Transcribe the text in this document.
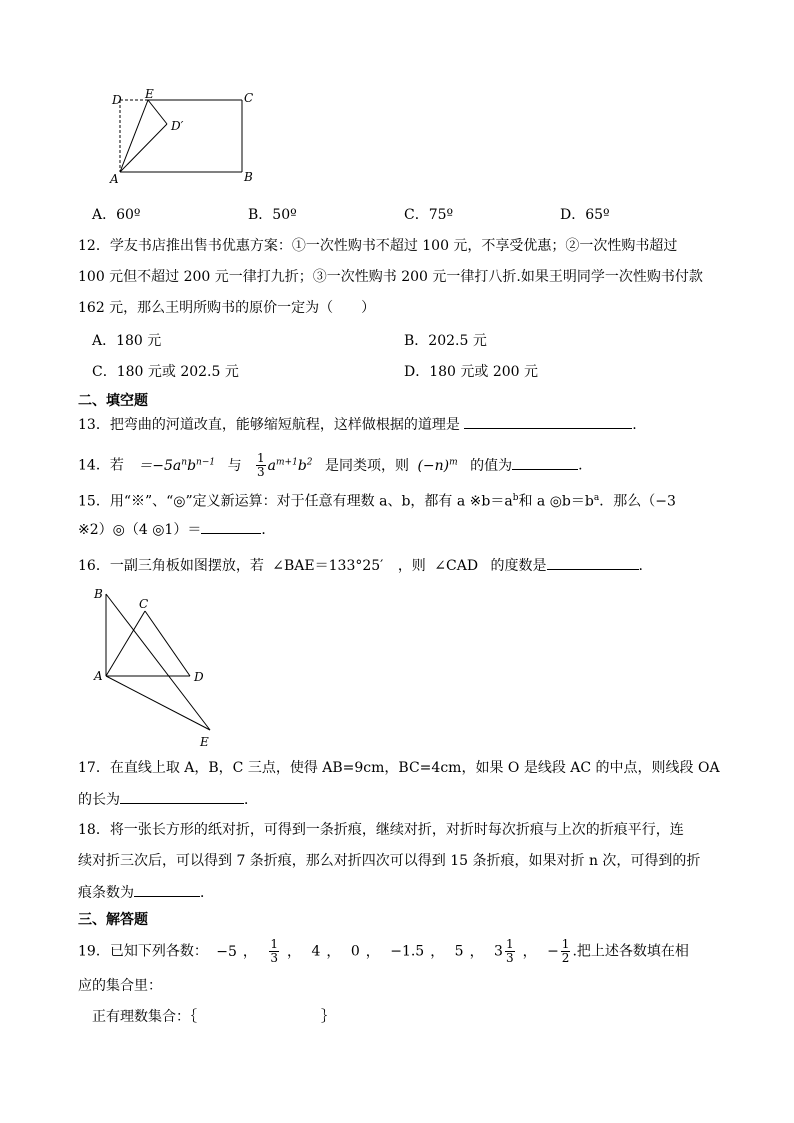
D E	C
D′
A	B
A．60º	B．50º	C．75º	D．65º
12．学友书店推出售书优惠方案：①一次性购书不超过 100 元，不享受优惠；②一次性购书超过
100 元但不超过 200 元一律打九折；③一次性购书 200 元一律打八折.如果王明同学一次性购书付款
162 元，那么王明所购书的原价一定为（　　）
A．180 元	B．202.5 元
C．180 元或 202.5 元	D．180 元或 200 元
二、填空题
13．把弯曲的河道改直，能够缩短航程，这样做根据的道理是	.
14．若 $=-5a^nb^{n-1}$ 与 $\frac{1}{3} a^{m+1}b^2$ 是同类项，则 $(-n)^m$ 的值为	.
15．用“※”、“◎”定义新运算：对于任意有理数 a、b，都有 a $※b=a^b$和 a $◎b=b^a$．那么（−3
※2）◎（4 ◎1）＝	．
16．一副三角板如图摆放，若 ∠BAE＝133°25′ ，则 ∠CAD 的度数是	.
B
C
A	D
E
17．在直线上取 A，B，C 三点，使得 AB=9cm，BC=4cm，如果 O 是线段 AC 的中点，则线段 OA
的长为	．
18．将一张长方形的纸对折，可得到一条折痕，继续对折，对折时每次折痕与上次的折痕平行，连
续对折三次后，可以得到 7 条折痕，那么对折四次可以得到 15 条折痕，如果对折 n 次，可得到的折
痕条数为	．
三、解答题
19．已知下列各数： −5 ， $\frac{1}{3}$ ， 4 ， 0 ， −1.5 ， 5 ， $3 \frac{1}{3}$ ， − $\frac{1}{2}$ .把上述各数填在相
应的集合里：
正有理数集合：｛	｝
